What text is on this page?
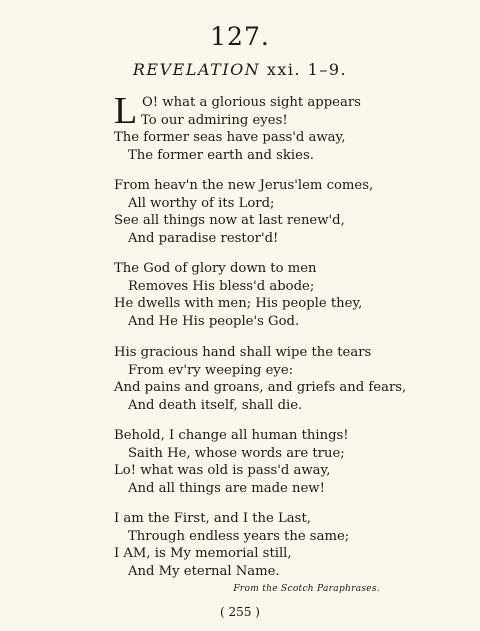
127.
REVELATION xxi. 1–9.
L O! what a glorious sight appears
To our admiring eyes!
The former seas have pass'd away,
The former earth and skies.
From heav'n the new Jerus'lem comes,
All worthy of its Lord;
See all things now at last renew'd,
And paradise restor'd!
The God of glory down to men
Removes His bless'd abode;
He dwells with men; His people they,
And He His people's God.
His gracious hand shall wipe the tears
From ev'ry weeping eye:
And pains and groans, and griefs and fears,
And death itself, shall die.
Behold, I change all human things!
Saith He, whose words are true;
Lo! what was old is pass'd away,
And all things are made new!
I am the First, and I the Last,
Through endless years the same;
I AM, is My memorial still,
And My eternal Name.
From the Scotch Paraphrases.
( 255 )
